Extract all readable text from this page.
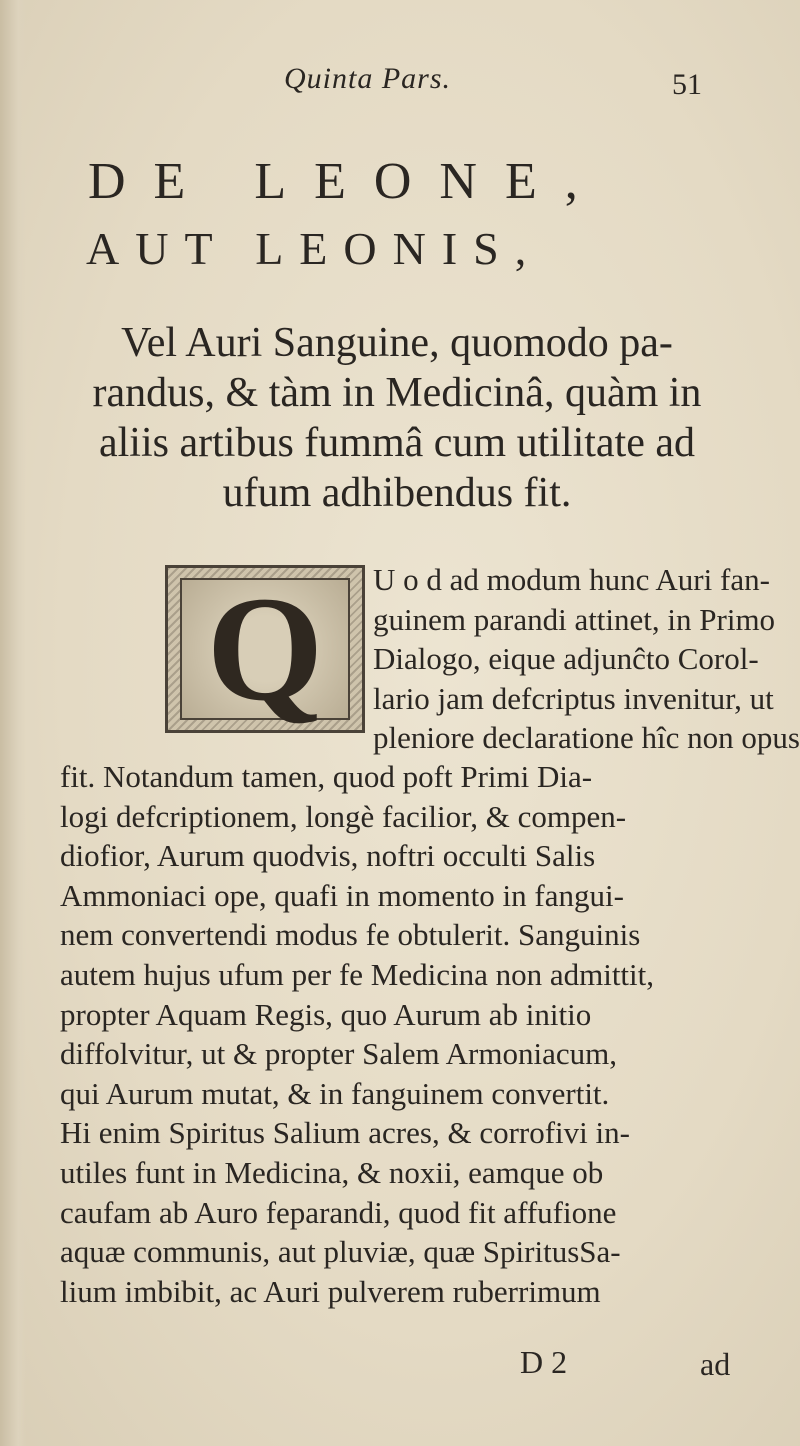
Quinta Pars.	51
DE LEONE,
AUT LEONIS,
Vel Auri Sanguine, quomodo pa-
randus, & tàm in Medicinâ, quàm in
aliis artibus fummâ cum utilitate ad
ufum adhibendus fit.
Q U o d ad modum hunc Auri fan-
guinem parandi attinet, in Primo
Dialogo, eique adjunĉto Corol-
lario jam defcriptus invenitur, ut
pleniore declaratione hîc non opus
fit. Notandum tamen, quod poft Primi Dia-
logi defcriptionem, longè facilior, & compen-
diofior, Aurum quodvis, noftri occulti Salis
Ammoniaci ope, quafi in momento in fangui-
nem convertendi modus fe obtulerit. Sanguinis
autem hujus ufum per fe Medicina non admittit,
propter Aquam Regis, quo Aurum ab initio
diffolvitur, ut & propter Salem Armoniacum,
qui Aurum mutat, & in fanguinem convertit.
Hi enim Spiritus Salium acres, & corrofivi in-
utiles funt in Medicina, & noxii, eamque ob
caufam ab Auro feparandi, quod fit affufione
aquæ communis, aut pluviæ, quæ SpiritusSa-
lium imbibit, ac Auri pulverem ruberrimum
D 2	ad
